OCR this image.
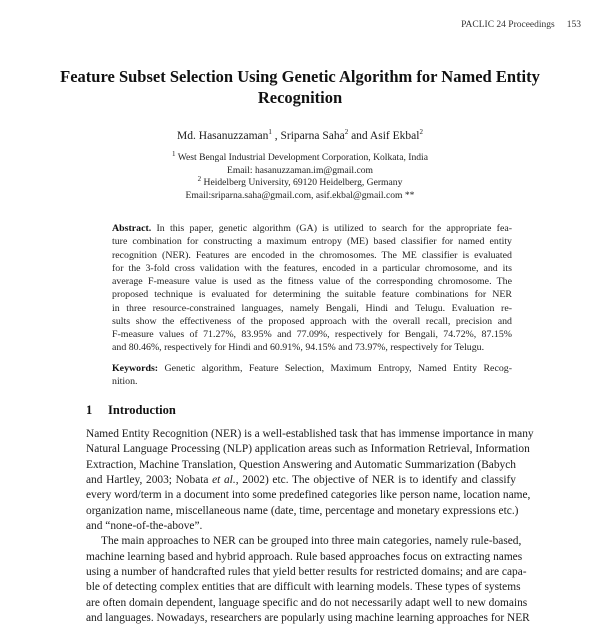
PACLIC 24 Proceedings 153
Feature Subset Selection Using Genetic Algorithm for Named Entity
Recognition
Md. Hasanuzzaman$^1$ , Sriparna Saha$^2$ and Asif Ekbal$^2$
$^1$ West Bengal Industrial Development Corporation, Kolkata, India
Email: hasanuzzaman.im@gmail.com
$^2$ Heidelberg University, 69120 Heidelberg, Germany
Email:sriparna.saha@gmail.com, asif.ekbal@gmail.com **
Abstract. In this paper, genetic algorithm (GA) is utilized to search for the appropriate fea-
ture combination for constructing a maximum entropy (ME) based classifier for named entity
recognition (NER). Features are encoded in the chromosomes. The ME classifier is evaluated
for the 3-fold cross validation with the features, encoded in a particular chromosome, and its
average F-measure value is used as the fitness value of the corresponding chromosome. The
proposed technique is evaluated for determining the suitable feature combinations for NER
in three resource-constrained languages, namely Bengali, Hindi and Telugu. Evaluation re-
sults show the effectiveness of the proposed approach with the overall recall, precision and
F-measure values of 71.27%, 83.95% and 77.09%, respectively for Bengali, 74.72%, 87.15%
and 80.46%, respectively for Hindi and 60.91%, 94.15% and 73.97%, respectively for Telugu.
Keywords: Genetic algorithm, Feature Selection, Maximum Entropy, Named Entity Recog-
nition.
1 Introduction

Named Entity Recognition (NER) is a well-established task that has immense importance in many
Natural Language Processing (NLP) application areas such as Information Retrieval, Information
Extraction, Machine Translation, Question Answering and Automatic Summarization (Babych
and Hartley, 2003; Nobata et al., 2002) etc. The objective of NER is to identify and classify
every word/term in a document into some predefined categories like person name, location name,
organization name, miscellaneous name (date, time, percentage and monetary expressions etc.)
and “none-of-the-above”.

The main approaches to NER can be grouped into three main categories, namely rule-based,
machine learning based and hybrid approach. Rule based approaches focus on extracting names
using a number of handcrafted rules that yield better results for restricted domains; and are capa-
ble of detecting complex entities that are difficult with learning models. These types of systems
are often domain dependent, language specific and do not necessarily adapt well to new domains
and languages. Nowadays, researchers are popularly using machine learning approaches for NER
